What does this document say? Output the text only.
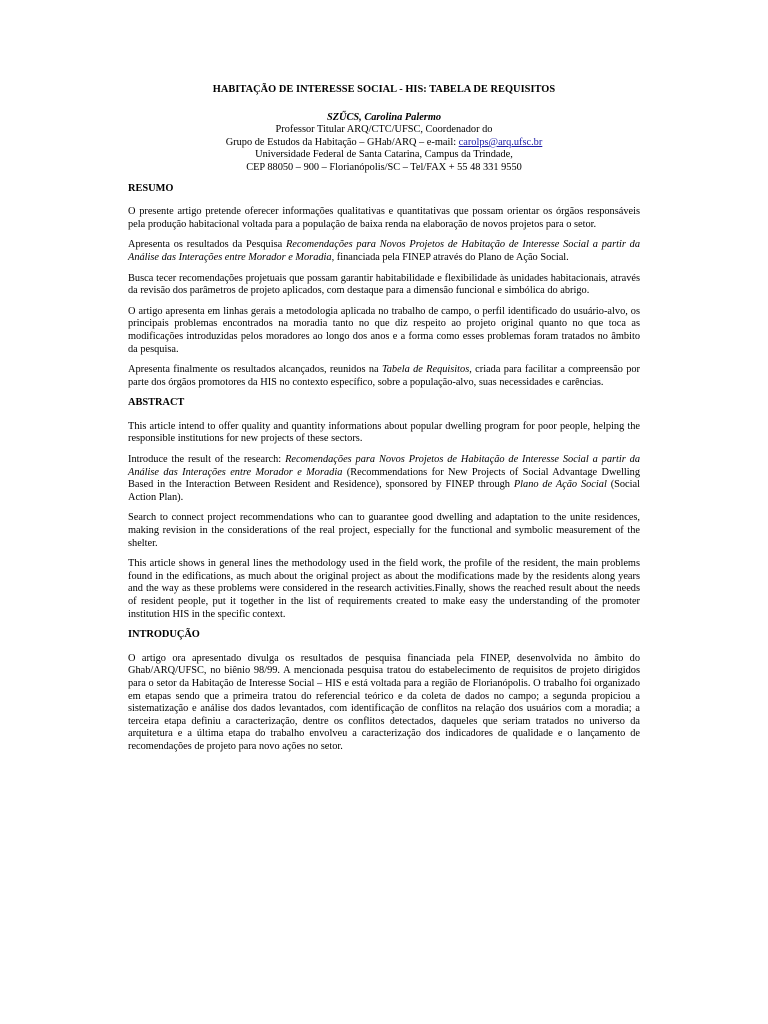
HABITAÇÃO DE INTERESSE SOCIAL - HIS: TABELA DE REQUISITOS
SZŰCS, Carolina Palermo
Professor Titular ARQ/CTC/UFSC, Coordenador do
Grupo de Estudos da Habitação – GHab/ARQ – e-mail: carolps@arq.ufsc.br
Universidade Federal de Santa Catarina, Campus da Trindade,
CEP 88050 – 900 – Florianópolis/SC – Tel/FAX + 55 48 331 9550
RESUMO

O presente artigo pretende oferecer informações qualitativas e quantitativas que possam orientar os órgãos responsáveis pela produção habitacional voltada para a população de baixa renda na elaboração de novos projetos para o setor.

Apresenta os resultados da Pesquisa Recomendações para Novos Projetos de Habitação de Interesse Social a partir da Análise das Interações entre Morador e Moradia, financiada pela FINEP através do Plano de Ação Social.

Busca tecer recomendações projetuais que possam garantir habitabilidade e flexibilidade às unidades habitacionais, através da revisão dos parâmetros de projeto aplicados, com destaque para a dimensão funcional e simbólica do abrigo.

O artigo apresenta em linhas gerais a metodologia aplicada no trabalho de campo, o perfil identificado do usuário-alvo, os principais problemas encontrados na moradia tanto no que diz respeito ao projeto original quanto no que toca as modificações introduzidas pelos moradores ao longo dos anos e a forma como esses problemas foram tratados no âmbito da pesquisa.

Apresenta finalmente os resultados alcançados, reunidos na Tabela de Requisitos, criada para facilitar a compreensão por parte dos órgãos promotores da HIS no contexto específico, sobre a população-alvo, suas necessidades e carências.

ABSTRACT

This article intend to offer quality and quantity informations about popular dwelling program for poor people, helping the responsible institutions for new projects of these sectors.

Introduce the result of the research: Recomendações para Novos Projetos de Habitação de Interesse Social a partir da Análise das Interações entre Morador e Moradia (Recommendations for New Projects of Social Advantage Dwelling Based in the Interaction Between Resident and Residence), sponsored by FINEP through Plano de Ação Social (Social Action Plan).

Search to connect project recommendations who can to guarantee good dwelling and adaptation to the unite residences, making revision in the considerations of the real project, especially for the functional and symbolic measurement of the shelter.

This article shows in general lines the methodology used in the field work, the profile of the resident, the main problems found in the edifications, as much about the original project as about the modifications made by the residents along years and the way as these problems were considered in the research activities.Finally, shows the reached result about the needs of resident people, put it together in the list of requirements created to make easy the understanding of the promoter institution HIS in the specific context.

INTRODUÇÃO

O artigo ora apresentado divulga os resultados de pesquisa financiada pela FINEP, desenvolvida no âmbito do Ghab/ARQ/UFSC, no biênio 98/99. A mencionada pesquisa tratou do estabelecimento de requisitos de projeto dirigidos para o setor da Habitação de Interesse Social – HIS e está voltada para a região de Florianópolis. O trabalho foi organizado em etapas sendo que a primeira tratou do referencial teórico e da coleta de dados no campo; a segunda propiciou a sistematização e análise dos dados levantados, com identificação de conflitos na relação dos usuários com a moradia; a terceira etapa definiu a caracterização, dentre os conflitos detectados, daqueles que seriam tratados no universo da arquitetura e a última etapa do trabalho envolveu a caracterização dos indicadores de qualidade e o lançamento de recomendações de projeto para novo ações no setor.
